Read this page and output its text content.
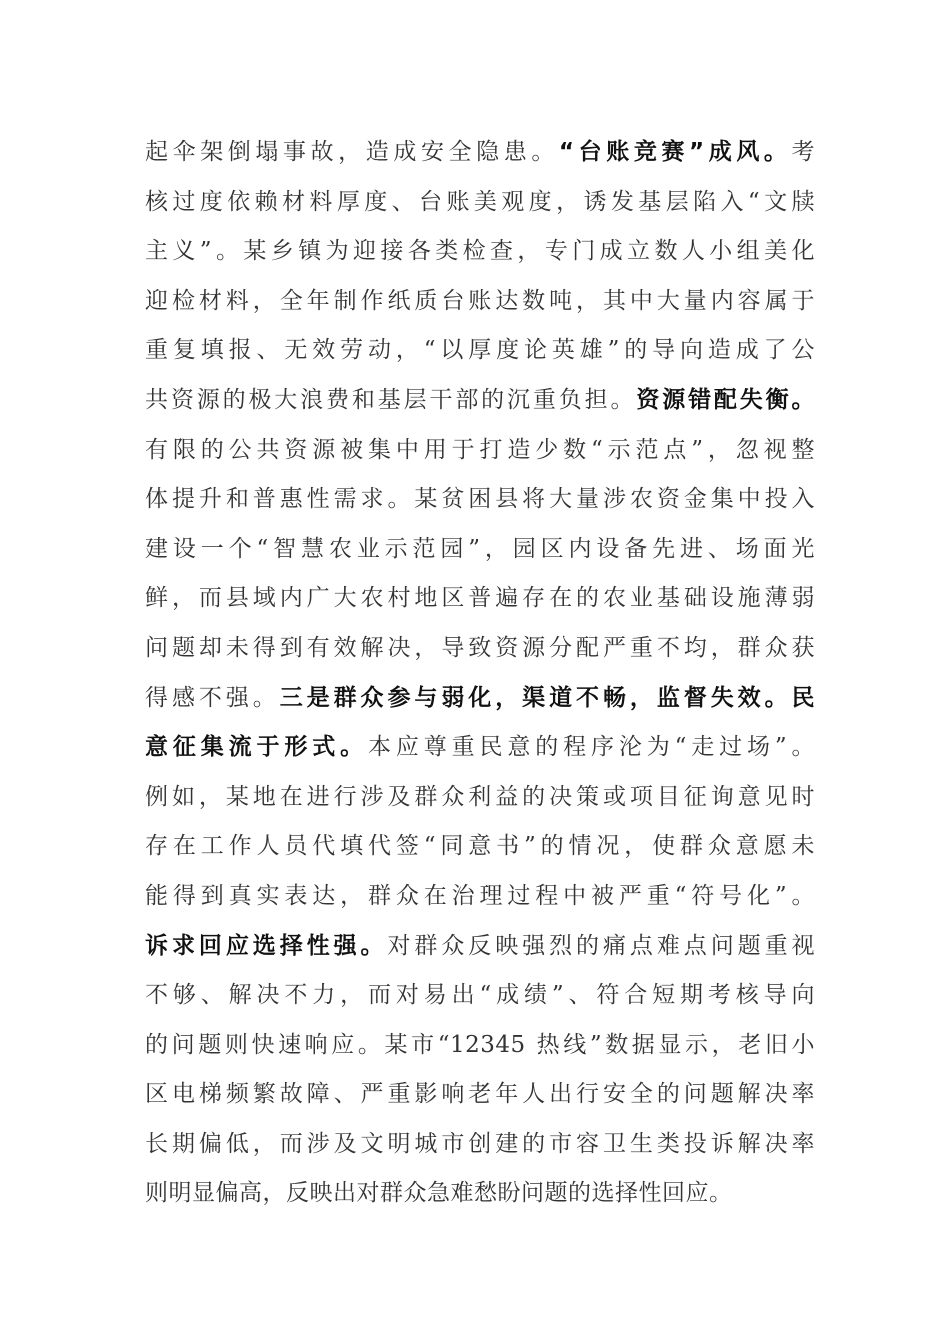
起伞架倒塌事故，造成安全隐患。“台账竞赛”成风。考
核过度依赖材料厚度、台账美观度，诱发基层陷入“文牍
主义”。某乡镇为迎接各类检查，专门成立数人小组美化
迎检材料，全年制作纸质台账达数吨，其中大量内容属于
重复填报、无效劳动，“以厚度论英雄”的导向造成了公
共资源的极大浪费和基层干部的沉重负担。资源错配失衡。
有限的公共资源被集中用于打造少数“示范点”，忽视整
体提升和普惠性需求。某贫困县将大量涉农资金集中投入
建设一个“智慧农业示范园”，园区内设备先进、场面光
鲜，而县域内广大农村地区普遍存在的农业基础设施薄弱
问题却未得到有效解决，导致资源分配严重不均，群众获
得感不强。三是群众参与弱化，渠道不畅，监督失效。民
意征集流于形式。本应尊重民意的程序沦为“走过场”。
例如，某地在进行涉及群众利益的决策或项目征询意见时
存在工作人员代填代签“同意书”的情况，使群众意愿未
能得到真实表达，群众在治理过程中被严重“符号化”。
诉求回应选择性强。对群众反映强烈的痛点难点问题重视
不够、解决不力，而对易出“成绩”、符合短期考核导向
的问题则快速响应。某市“12345 热线”数据显示，老旧小
区电梯频繁故障、严重影响老年人出行安全的问题解决率
长期偏低，而涉及文明城市创建的市容卫生类投诉解决率
则明显偏高，反映出对群众急难愁盼问题的选择性回应。
